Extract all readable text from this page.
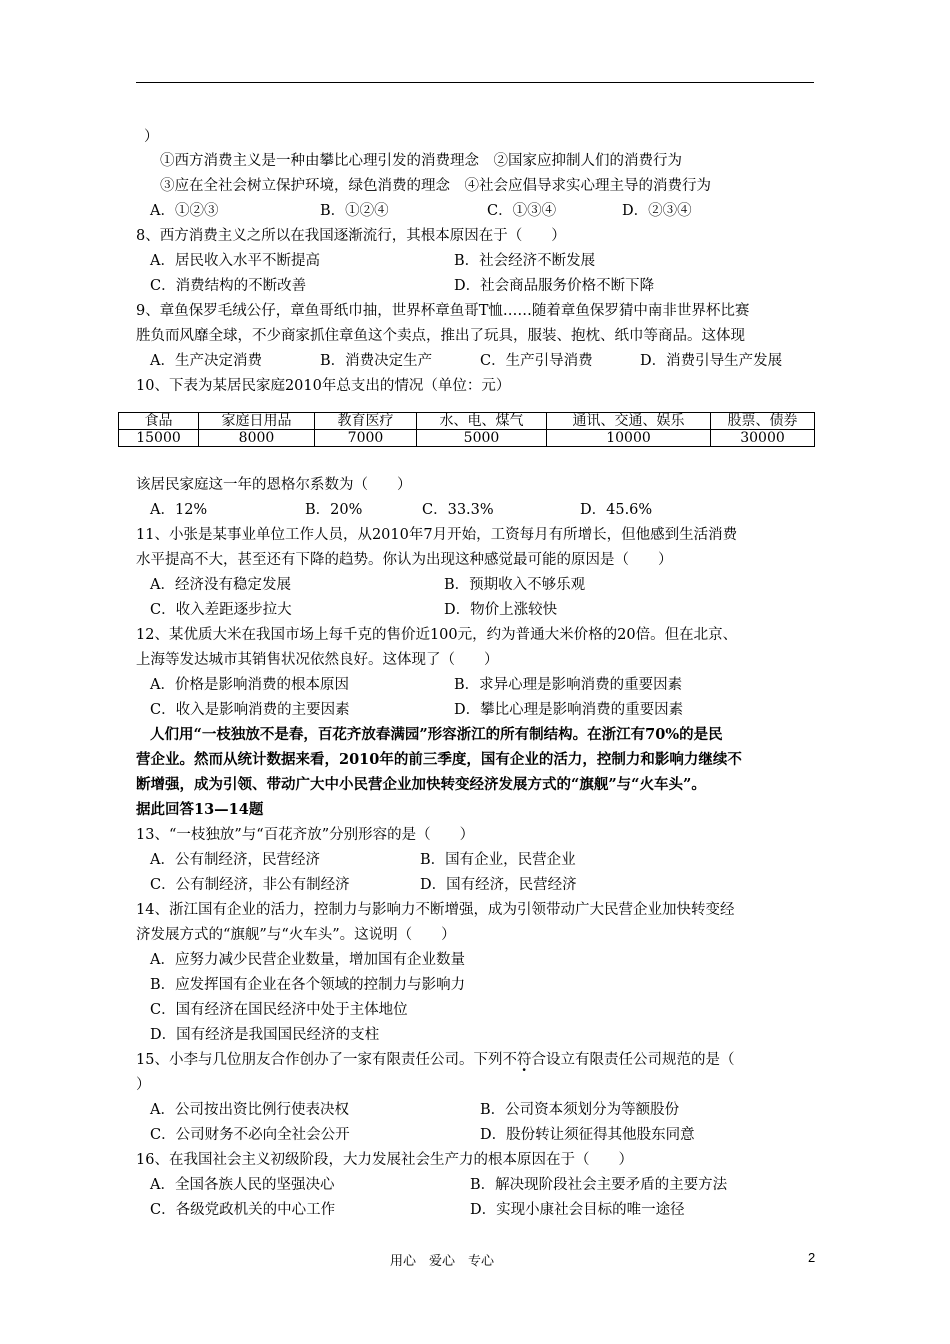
）
①西方消费主义是一种由攀比心理引发的消费理念　②国家应抑制人们的消费行为
③应在全社会树立保护环境，绿色消费的理念　④社会应倡导求实心理主导的消费行为
A．①②③	B．①②④	C．①③④	D．②③④
8、西方消费主义之所以在我国逐渐流行，其根本原因在于（　　）
A．居民收入水平不断提高	B．社会经济不断发展
C．消费结构的不断改善	D．社会商品服务价格不断下降
9、章鱼保罗毛绒公仔，章鱼哥纸巾抽，世界杯章鱼哥T恤……随着章鱼保罗猜中南非世界杯比赛
胜负而风靡全球，不少商家抓住章鱼这个卖点，推出了玩具，服装、抱枕、纸巾等商品。这体现
A．生产决定消费	B．消费决定生产	C．生产引导消费	D．消费引导生产发展
10、下表为某居民家庭2010年总支出的情况（单位：元）
食品	家庭日用品	教育医疗	水、电、煤气	通讯、交通、娱乐	股票、债券
15000	8000	7000	5000	10000	30000
该居民家庭这一年的恩格尔系数为（　　）
A．12%	B．20%	C．33.3%	D．45.6%
11、小张是某事业单位工作人员，从2010年7月开始，工资每月有所增长，但他感到生活消费
水平提高不大，甚至还有下降的趋势。你认为出现这种感觉最可能的原因是（　　）
A．经济没有稳定发展	B．预期收入不够乐观
C．收入差距逐步拉大	D．物价上涨较快
12、某优质大米在我国市场上每千克的售价近100元，约为普通大米价格的20倍。但在北京、
上海等发达城市其销售状况依然良好。这体现了（　　）
A．价格是影响消费的根本原因	B．求异心理是影响消费的重要因素
C．收入是影响消费的主要因素	D．攀比心理是影响消费的重要因素
人们用“一枝独放不是春，百花齐放春满园”形容浙江的所有制结构。在浙江有70%的是民
营企业。然而从统计数据来看，2010年的前三季度，国有企业的活力，控制力和影响力继续不
断增强，成为引领、带动广大中小民营企业加快转变经济发展方式的“旗舰”与“火车头”。
据此回答13—14题
13、“一枝独放”与“百花齐放”分别形容的是（　　）
A．公有制经济，民营经济	B．国有企业，民营企业
C．公有制经济，非公有制经济	D．国有经济，民营经济
14、浙江国有企业的活力，控制力与影响力不断增强，成为引领带动广大民营企业加快转变经
济发展方式的“旗舰”与“火车头”。这说明（　　）
A．应努力减少民营企业数量，增加国有企业数量
B．应发挥国有企业在各个领域的控制力与影响力
C．国有经济在国民经济中处于主体地位
D．国有经济是我国国民经济的支柱
15、小李与几位朋友合作创办了一家有限责任公司。下列不符合设立有限责任公司规范的是（
）
A．公司按出资比例行使表决权	B．公司资本须划分为等额股份
C．公司财务不必向全社会公开	D．股份转让须征得其他股东同意
16、在我国社会主义初级阶段，大力发展社会生产力的根本原因在于（　　）
A．全国各族人民的坚强决心	B．解决现阶段社会主要矛盾的主要方法
C．各级党政机关的中心工作	D．实现小康社会目标的唯一途径
用心　爱心　专心	2
